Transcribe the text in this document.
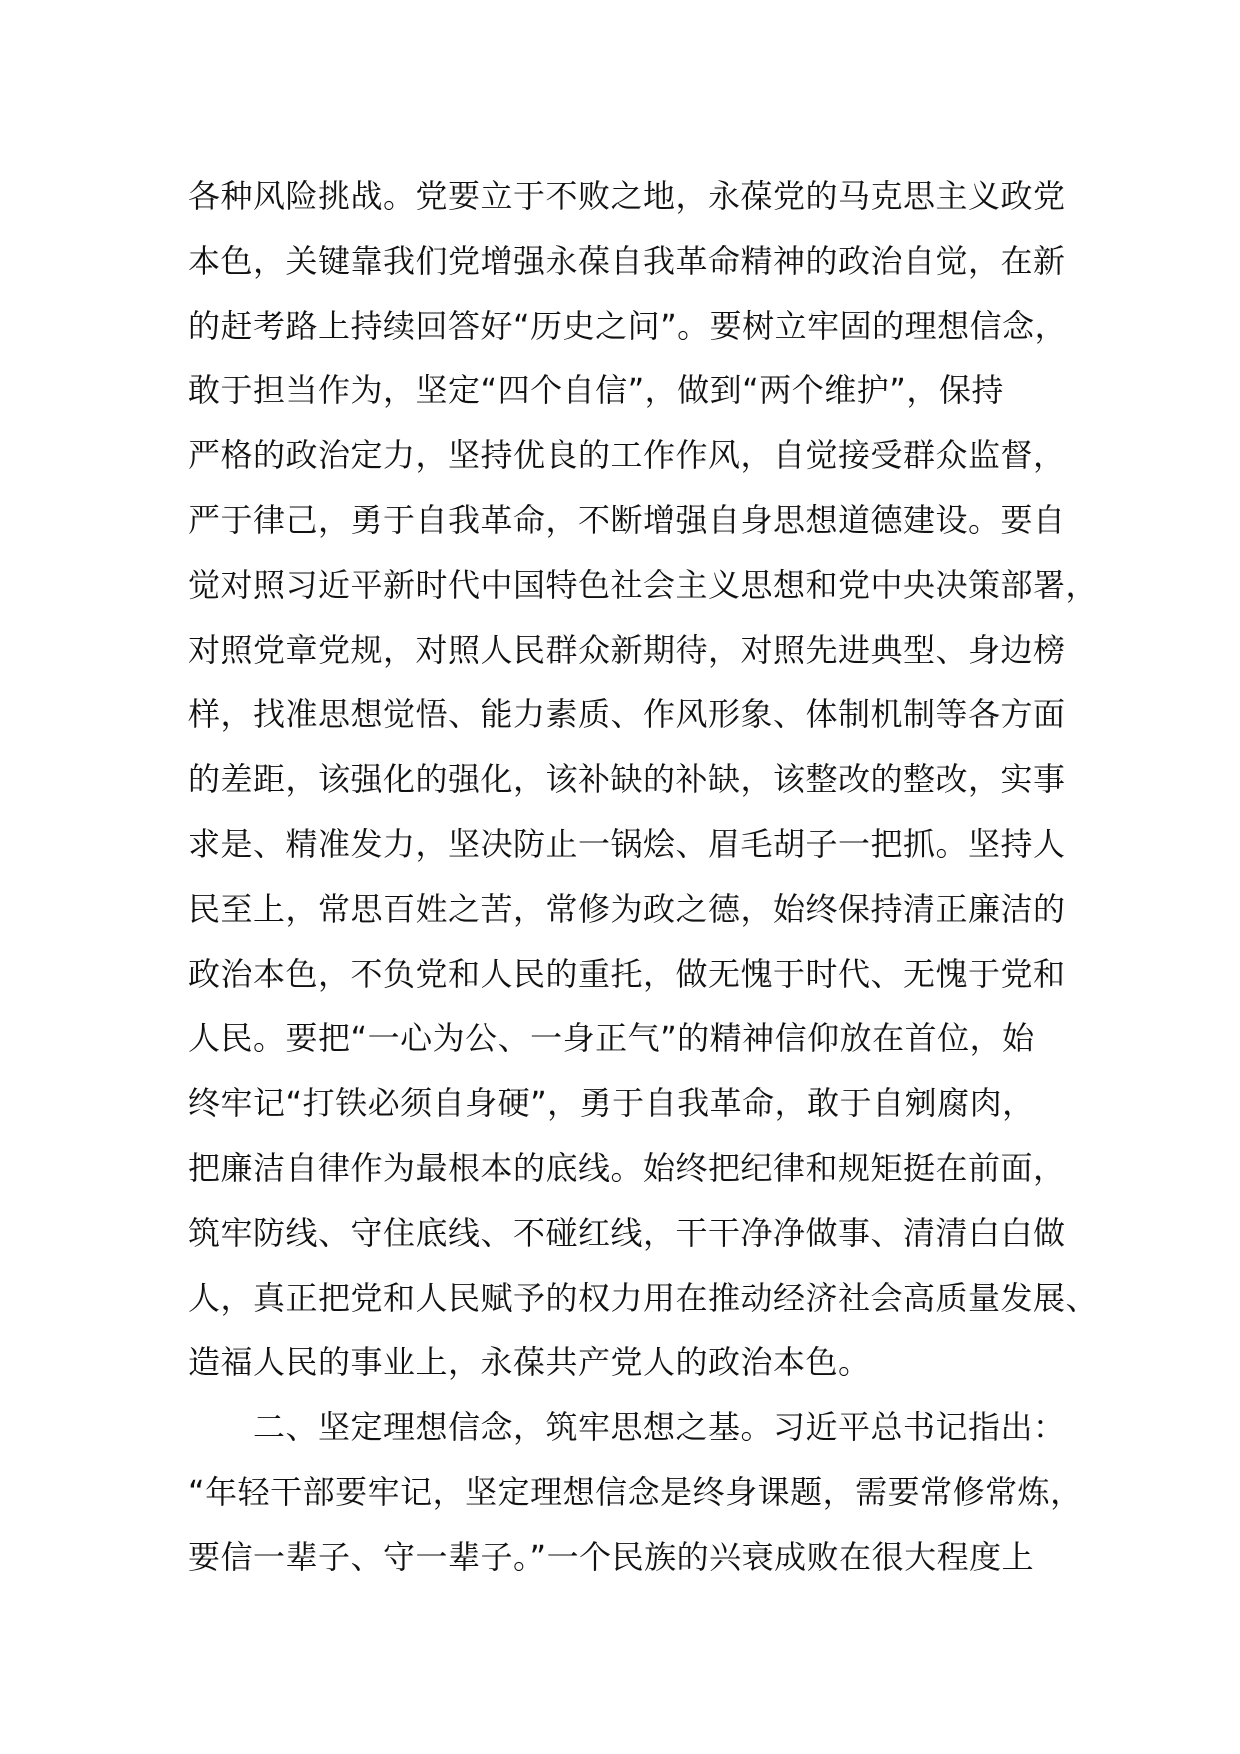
各种风险挑战。党要立于不败之地，永葆党的马克思主义政党
本色，关键靠我们党增强永葆自我革命精神的政治自觉，在新
的赶考路上持续回答好“历史之问”。要树立牢固的理想信念，
敢于担当作为，坚定“四个自信”，做到“两个维护”，保持
严格的政治定力，坚持优良的工作作风，自觉接受群众监督，
严于律己，勇于自我革命，不断增强自身思想道德建设。要自
觉对照习近平新时代中国特色社会主义思想和党中央决策部署，
对照党章党规，对照人民群众新期待，对照先进典型、身边榜
样，找准思想觉悟、能力素质、作风形象、体制机制等各方面
的差距，该强化的强化，该补缺的补缺，该整改的整改，实事
求是、精准发力，坚决防止一锅烩、眉毛胡子一把抓。坚持人
民至上，常思百姓之苦，常修为政之德，始终保持清正廉洁的
政治本色，不负党和人民的重托，做无愧于时代、无愧于党和
人民。要把“一心为公、一身正气”的精神信仰放在首位，始
终牢记“打铁必须自身硬”，勇于自我革命，敢于自剜腐肉，
把廉洁自律作为最根本的底线。始终把纪律和规矩挺在前面，
筑牢防线、守住底线、不碰红线，干干净净做事、清清白白做
人，真正把党和人民赋予的权力用在推动经济社会高质量发展、
造福人民的事业上，永葆共产党人的政治本色。
　　二、坚定理想信念，筑牢思想之基。习近平总书记指出：
“年轻干部要牢记，坚定理想信念是终身课题，需要常修常炼，
要信一辈子、守一辈子。”一个民族的兴衰成败在很大程度上
